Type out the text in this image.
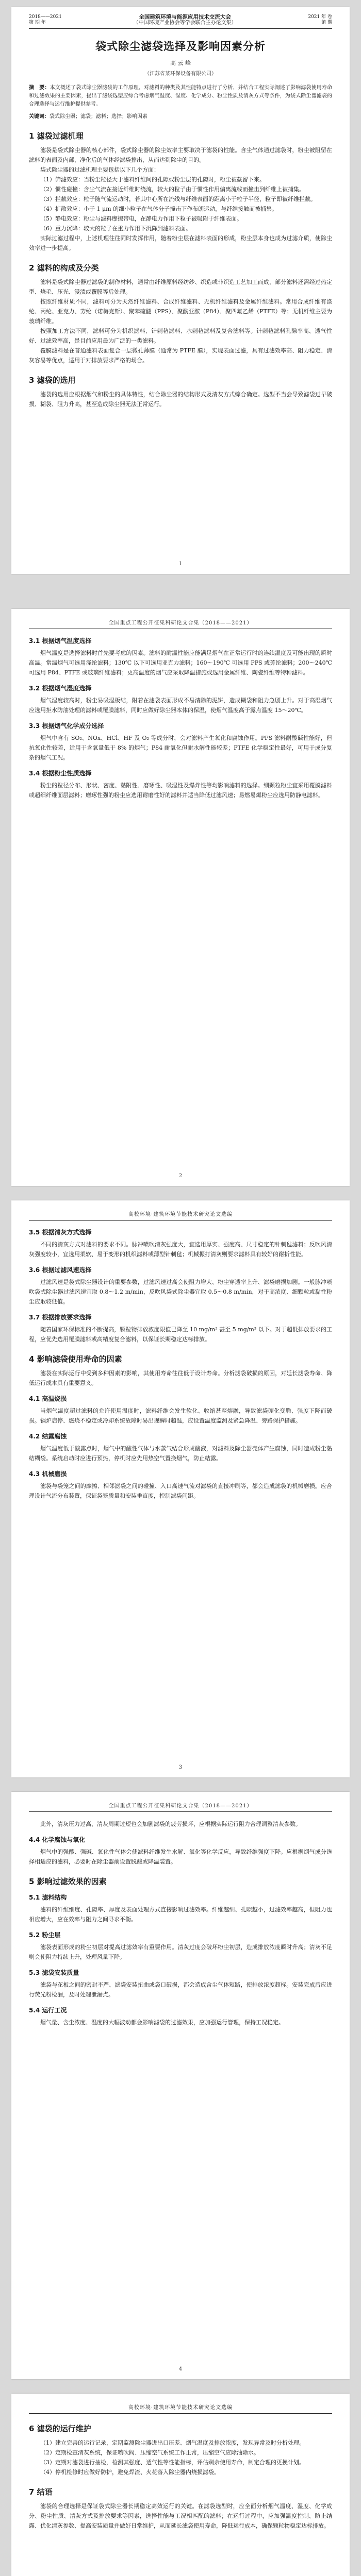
2018——2021
第 期 年
全国建筑环境与能源应用技术交流大会
（中国环境产业协会等学会联合主办论文集）
2021 年 卷
第 期
袋式除尘滤袋选择及影响因素分析
高 云 峰
（江苏省某环保设备有限公司）
摘　要：本文概述了袋式除尘器滤袋的工作原理，对滤料的种类及其性能特点进行了分析，并结合工程实际阐述了影响滤袋使用寿命和过滤效果的主要因素，提出了滤袋选型应综合考虑烟气温度、湿度、化学成分、粉尘性质及清灰方式等条件，为袋式除尘器滤袋的合理选择与运行维护提供参考。
关键词：袋式除尘器；滤袋；滤料；选择；影响因素
1 滤袋过滤机理

滤袋是袋式除尘器的核心部件，袋式除尘器的除尘效率主要取决于滤袋的性能。含尘气体通过滤袋时，粉尘被阻留在滤料的表面及内部，净化后的气体经滤袋排出，从而达到除尘的目的。

袋式除尘器的过滤机理主要包括以下几个方面：

（1）筛滤效应：当粉尘粒径大于滤料纤维间的孔隙或粉尘层的孔隙时，粉尘被截留下来。

（2）惯性碰撞：含尘气流在接近纤维时绕流，较大的粒子由于惯性作用偏离流线而撞击到纤维上被捕集。

（3）拦截效应：粒子随气流运动时，若其中心所在流线与纤维表面的距离小于粒子半径，粒子即被纤维拦截。

（4）扩散效应：小于 1 μm 的细小粒子在气体分子撞击下作布朗运动，与纤维接触而被捕集。

（5）静电效应：粉尘与滤料摩擦带电，在静电力作用下粒子被吸附于纤维表面。

（6）重力沉降：较大的粒子在重力作用下沉降到滤料表面。

实际过滤过程中，上述机理往往同时发挥作用，随着粉尘层在滤料表面的形成，粉尘层本身也成为过滤介质，使除尘效率进一步提高。

2 滤料的构成及分类

滤料是袋式除尘器过滤袋的制作材料，通常由纤维原料经纺纱、织造或非织造工艺加工而成，部分滤料还需经过热定型、烧毛、压光、浸渍或覆膜等后处理。

按照纤维材质不同，滤料可分为天然纤维滤料、合成纤维滤料、无机纤维滤料及金属纤维滤料。常用合成纤维有涤纶、丙纶、亚克力、芳纶（诺梅克斯）、聚苯硫醚（PPS）、聚酰亚胺（P84）、聚四氟乙烯（PTFE）等；无机纤维主要为玻璃纤维。

按照加工方法不同，滤料可分为机织滤料、针刺毡滤料、水刺毡滤料及复合滤料等。针刺毡滤料孔隙率高、透气性好、过滤效率高，是目前应用最为广泛的一类滤料。

覆膜滤料是在普通滤料表面复合一层微孔薄膜（通常为 PTFE 膜），实现表面过滤，具有过滤效率高、阻力稳定、清灰容易等优点，适用于对排放要求严格的场合。

3 滤袋的选用

滤袋的选用应根据烟气和粉尘的具体特性，结合除尘器的结构形式及清灰方式综合确定。选型不当会导致滤袋过早破损、糊袋、阻力升高，甚至造成除尘器无法正常运行。

1
全国重点工程公开征集科研论文合集（2018——2021）
3.1 根据烟气温度选择

烟气温度是选择滤料时首先要考虑的因素。滤料的耐温性能应能满足烟气在正常运行时的连续温度及可能出现的瞬时高温。常温烟气可选用涤纶滤料；130℃ 以下可选用亚克力滤料；160～190℃ 可选用 PPS 或芳纶滤料；200～240℃ 可选用 P84、PTFE 或玻璃纤维滤料；更高温度的烟气应采取降温措施或选用金属纤维、陶瓷纤维等特种滤料。

3.2 根据烟气湿度选择

烟气湿度较高时，粉尘易吸湿板结，附着在滤袋表面形成不易清除的泥饼，造成糊袋和阻力急剧上升。对于高湿烟气应选用拒水防油处理的滤料或覆膜滤料，同时应做好除尘器本体的保温，使烟气温度高于露点温度 15～20℃。

3.3 根据烟气化学成分选择

烟气中含有 SO₂、NOx、HCl、HF 及 O₂ 等成分时，会对滤料产生氧化和腐蚀作用。PPS 滤料耐酸碱性能好，但抗氧化性较差，适用于含氧量低于 8% 的烟气；P84 耐氧化但耐水解性能较差；PTFE 化学稳定性最好，可用于成分复杂的烟气工况。

3.4 根据粉尘性质选择

粉尘的粒径分布、形状、密度、黏附性、磨琢性、吸湿性及爆炸性等均影响滤料的选择。细颗粒粉尘宜采用覆膜滤料或超细纤维面层滤料；磨琢性强的粉尘应选用耐磨性好的滤料并适当降低过滤风速；易燃易爆粉尘应选用防静电滤料。

2
高校环境·建筑环境节能技术研究论文选编
3.5 根据清灰方式选择

不同的清灰方式对滤料的要求不同。脉冲喷吹清灰强度大，宜选用厚实、强度高、尺寸稳定的针刺毡滤料；反吹风清灰强度较小，宜选用柔软、易于变形的机织滤料或薄型针刺毡；机械振打清灰则要求滤料具有较好的耐折性能。

3.6 根据过滤风速选择

过滤风速是袋式除尘器设计的重要参数，过滤风速过高会使阻力增大、粉尘穿透率上升、滤袋磨损加剧。一般脉冲喷吹袋式除尘器过滤风速宜取 0.8～1.2 m/min，反吹风袋式除尘器宜取 0.5～0.8 m/min，对于高浓度、细颗粒或黏性粉尘应取较低值。

3.7 根据排放要求选择

随着国家环保标准的不断提高，颗粒物排放浓度限值已降至 10 mg/m³ 甚至 5 mg/m³ 以下。对于超低排放要求的工程，应优先选用覆膜滤料或高精度复合滤料，以保证长期稳定达标排放。

4 影响滤袋使用寿命的因素

滤袋在实际运行中受到多种因素的影响，其使用寿命往往低于设计寿命。分析滤袋破损的原因，对延长滤袋寿命、降低运行成本具有重要意义。

4.1 高温烧损

当烟气温度超过滤料的允许使用温度时，滤料纤维会发生软化、收缩甚至熔融，导致滤袋硬化变脆、强度下降而破损。锅炉启停、燃烧不稳定或冷却系统故障时易出现瞬时超温，应设置温度监测及紧急降温、旁路保护措施。

4.2 结露腐蚀

烟气温度低于酸露点时，烟气中的酸性气体与水蒸气结合形成酸液，对滤料及除尘器壳体产生腐蚀，同时造成粉尘黏结糊袋。系统启动时应进行预热，停机时应先用热空气置换烟气，防止结露。

4.3 机械磨损

滤袋与袋笼之间的摩擦、相邻滤袋之间的碰撞、入口高速气流对滤袋的直接冲刷等，都会造成滤袋的机械磨损。应合理设计气流分布装置，保证袋笼质量和安装垂直度，控制滤袋间距。

3
全国重点工程公开征集科研论文合集（2018——2021）

此外，清灰压力过高、清灰周期过短也会加剧滤袋的疲劳损坏，应根据实际运行阻力合理调整清灰参数。

4.4 化学腐蚀与氧化

烟气中的强酸、强碱、氧化性气体会使滤料纤维发生水解、氧化等化学反应，导致纤维强度下降。应根据烟气成分选择相适应的滤料，必要时在除尘器前设置脱酸或降温装置。

5 影响过滤效果的因素
5.1 滤料结构

滤料的纤维细度、孔隙率、厚度及表面处理方式直接影响过滤效率。纤维越细、孔隙越小，过滤效率越高，但阻力也相应增大，应在效率与阻力之间寻求平衡。

5.2 粉尘层

滤袋表面形成的粉尘初层对提高过滤效率有重要作用。清灰过度会破坏粉尘初层，造成排放浓度瞬时升高；清灰不足则会使阻力持续上升，处理风量下降。

5.3 滤袋安装质量

滤袋与花板之间的密封不严、滤袋安装扭曲或袋口破损，都会造成含尘气体短路，使排放浓度超标。安装完成后应进行荧光粉检漏，及时处理泄漏点。

5.4 运行工况

烟气量、含尘浓度、温度的大幅波动都会影响滤袋的过滤效果，应加强运行管理，保持工况稳定。

4
高校环境·建筑环境节能技术研究论文选编
6 滤袋的运行维护

（1）建立完善的运行记录，定期监测除尘器进出口压差、烟气温度及排放浓度，发现异常及时分析处理。

（2）定期检查清灰系统，保证喷吹阀、压缩空气系统工作正常，压缩空气应除油除水。

（3）定期对滤袋进行抽检，检测其强度、透气性等性能指标，评估剩余使用寿命，制定合理的更换计划。

（4）停机检修时应做好防护，避免焊渣、火花落入除尘器内烧损滤袋。

7 结语

滤袋的合理选择是保证袋式除尘器长期稳定高效运行的关键。在滤袋选型时，应全面分析烟气温度、湿度、化学成分、粉尘性质、清灰方式及排放要求等因素，选择性能与工况相匹配的滤料；在运行过程中，应加强温度控制、防止结露、优化清灰参数、提高安装质量并做好日常维护，从而延长滤袋使用寿命，降低运行成本，确保颗粒物稳定达标排放。
